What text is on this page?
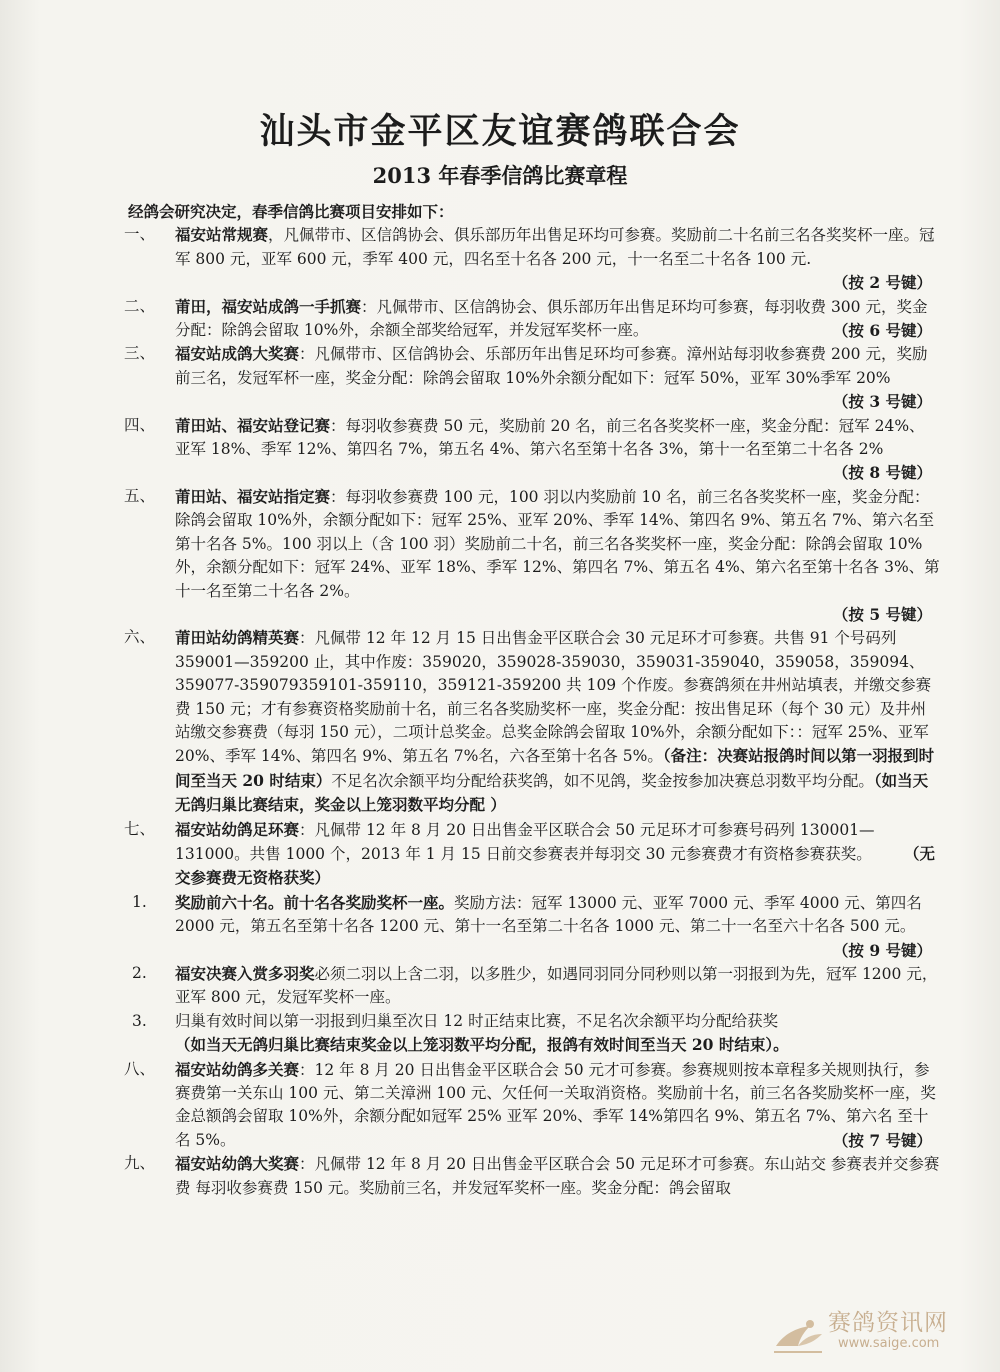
汕头市金平区友谊赛鸽联合会
2013 年春季信鸽比赛章程
经鸽会研究决定，春季信鸽比赛项目安排如下：
一、 福安站常规赛，凡佩带市、区信鸽协会、俱乐部历年出售足环均可参赛。奖励前二十名前三名各奖奖杯一座。冠军 800 元，亚军 600 元，季军 400 元，四名至十名各 200 元，十一名至二十名各 100 元.
（按 2 号键）
二、 莆田，福安站成鸽一手抓赛：凡佩带市、区信鸽协会、俱乐部历年出售足环均可参赛，每羽收费 300 元，奖金分配：除鸽会留取 10%外，余额全部奖给冠军，并发冠军奖杯一座。	（按 6 号键）
三、 福安站成鸽大奖赛：凡佩带市、区信鸽协会、乐部历年出售足环均可参赛。漳州站每羽收参赛费 200 元，奖励前三名，发冠军杯一座，奖金分配：除鸽会留取 10%外余额分配如下：冠军 50%，亚军 30%季军 20%
（按 3 号键）
四、 莆田站、福安站登记赛：每羽收参赛费 50 元，奖励前 20 名，前三名各奖奖杯一座，奖金分配：冠军 24%、亚军 18%、季军 12%、第四名 7%，第五名 4%、第六名至第十名各 3%，第十一名至第二十名各 2%
（按 8 号键）
五、 莆田站、福安站指定赛：每羽收参赛费 100 元，100 羽以内奖励前 10 名，前三名各奖奖杯一座，奖金分配：除鸽会留取 10%外，余额分配如下：冠军 25%、亚军 20%、季军 14%、第四名 9%、第五名 7%、第六名至第十名各 5%。100 羽以上（含 100 羽）奖励前二十名，前三名各奖奖杯一座，奖金分配：除鸽会留取 10%外，余额分配如下：冠军 24%、亚军 18%、季军 12%、第四名 7%、第五名 4%、第六名至第十名各 3%、第十一名至第二十名各 2%。
（按 5 号键）
六、 莆田站幼鸽精英赛：凡佩带 12 年 12 月 15 日出售金平区联合会 30 元足环才可参赛。共售 91 个号码列 359001—359200 止，其中作废：359020，359028-359030，359031-359040，359058，359094、359077-359079359101-359110，359121-359200 共 109 个作废。参赛鸽须在井州站填表，并缴交参赛费 150 元；才有参赛资格奖励前十名，前三名各奖励奖杯一座，奖金分配：按出售足环（每个 30 元）及井州站缴交参赛费（每羽 150 元），二项计总奖金。总奖金除鸽会留取 10%外，余额分配如下：：冠军 25%、亚军 20%、季军 14%、第四名 9%、第五名 7%名，六各至第十名各 5%。（备注：决赛站报鸽时间以第一羽报到时间至当天 20 时结束）不足名次余额平均分配给获奖鸽，如不见鸽，奖金按参加决赛总羽数平均分配。（如当天无鸽归巢比赛结束，奖金以上笼羽数平均分配 ）
七、 福安站幼鸽足环赛：凡佩带 12 年 8 月 20 日出售金平区联合会 50 元足环才可参赛号码列 130001—131000。共售 1000 个，2013 年 1 月 15 日前交参赛表并每羽交 30 元参赛费才有资格参赛获奖。	（无交参赛费无资格获奖）
1. 奖励前六十名。前十名各奖励奖杯一座。奖励方法：冠军 13000 元、亚军 7000 元、季军 4000 元、第四名 2000 元，第五名至第十名各 1200 元、第十一名至第二十名各 1000 元、第二十一名至六十名各 500 元。
（按 9 号键）
2. 福安决赛入赏多羽奖必须二羽以上含二羽，以多胜少，如遇同羽同分同秒则以第一羽报到为先，冠军 1200 元，亚军 800 元，发冠军奖杯一座。
3. 归巢有效时间以第一羽报到归巢至次日 12 时正结束比赛，不足名次余额平均分配给获奖
（如当天无鸽归巢比赛结束奖金以上笼羽数平均分配，报鸽有效时间至当天 20 时结束）。
八、 福安站幼鸽多关赛：12 年 8 月 20 日出售金平区联合会 50 元才可参赛。参赛规则按本章程多关规则执行，参赛费第一关东山 100 元、第二关漳洲 100 元、欠任何一关取消资格。奖励前十名，前三名各奖励奖杯一座，奖金总额鸽会留取 10%外，余额分配如冠军 25% 亚军 20%、季军 14%第四名 9%、第五名 7%、第六名 至十名 5%。	（按 7 号键）
九、 福安站幼鸽大奖赛：凡佩带 12 年 8 月 20 日出售金平区联合会 50 元足环才可参赛。东山站交 参赛表并交参赛费 每羽收参赛费 150 元。奖励前三名，并发冠军奖杯一座。奖金分配：鸽会留取
赛鸽资讯网
www.saige.com
